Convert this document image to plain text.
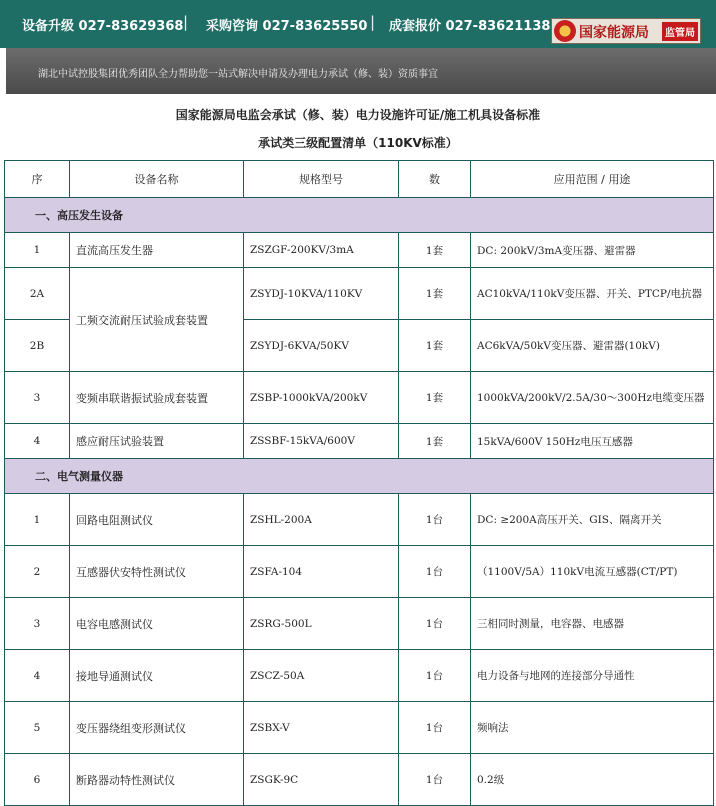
设备升级 027-83629368 | 采购咨询 027-83625550 | 成套报价 027-83621138 国家能源局	监管局
湖北中试控股集团优秀团队全力帮助您一站式解决申请及办理电力承试（修、装）资质事宜
国家能源局电监会承试（修、装）电力设施许可证/施工机具设备标准
承试类三级配置清单（110KV标准）
序	设备名称	规格型号	数	应用范围 / 用途
一、高压发生设备				
1	直流高压发生器	ZSZGF-200KV/3mA	1套	DC: 200kV/3mA变压器、避雷器
2A	工频交流耐压试验成套装置	ZSYDJ-10KVA/110KV	1套	AC10kVA/110kV变压器、开关、PTCP/电抗器
2B		ZSYDJ-6KVA/50KV	1套	AC6kVA/50kV变压器、避雷器(10kV)
3	变频串联谐振试验成套装置	ZSBP-1000kVA/200kV	1套	1000kVA/200kV/2.5A/30～300Hz电缆变压器
4	感应耐压试验装置	ZSSBF-15kVA/600V	1套	15kVA/600V 150Hz电压互感器
二、电气测量仪器				
1	回路电阻测试仪	ZSHL-200A	1台	DC: ≥200A高压开关、GIS、隔离开关
2	互感器伏安特性测试仪	ZSFA-104	1台	（1100V/5A）110kV电流互感器(CT/PT)
3	电容电感测试仪	ZSRG-500L	1台	三相同时测量，电容器、电感器
4	接地导通测试仪	ZSCZ-50A	1台	电力设备与地网的连接部分导通性
5	变压器绕组变形测试仪	ZSBX-V	1台	频响法
6	断路器动特性测试仪	ZSGK-9C	1台	0.2级
